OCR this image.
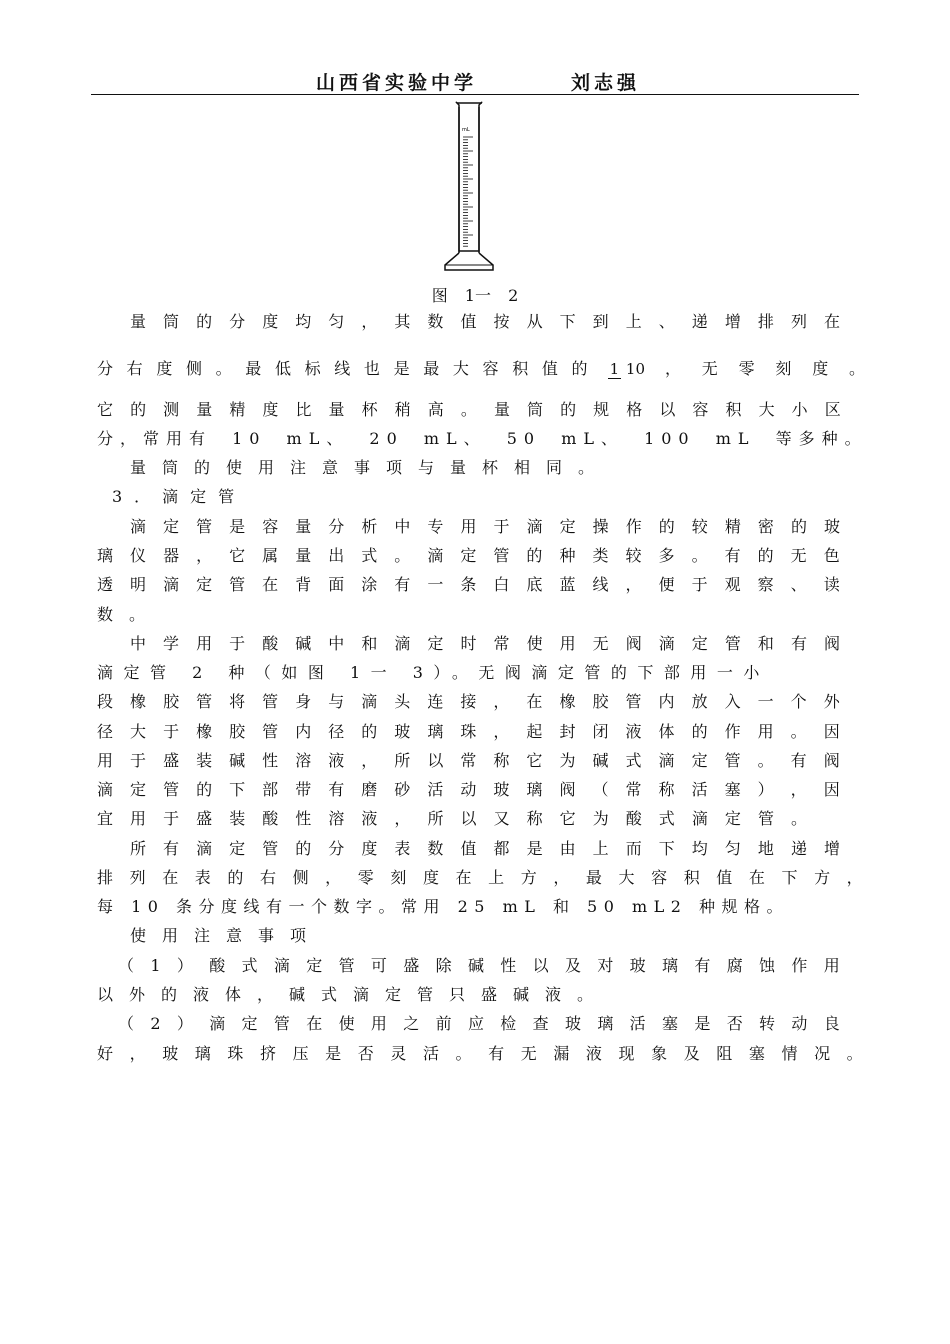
山西省实验中学	刘志强
mL
图 1一 2
量 筒 的 分 度 均 匀 ， 其 数 值 按 从 下 到 上 、 递 增 排 列 在
分 右 度 侧 。 最 低 标 线 也 是 最 大 容 积 值 的 1 10 ， 无 零 刻 度 。
它 的 测 量 精 度 比 量 杯 稍 高 。 量 筒 的 规 格 以 容 积 大 小 区
分，常用有 10 mL、 20 mL、 50 mL、 100 mL 等多种。
量筒的使用注意事项与量杯相同。
3．滴定管
滴 定 管 是 容 量 分 析 中 专 用 于 滴 定 操 作 的 较 精 密 的 玻
璃 仪 器 ， 它 属 量 出 式 。 滴 定 管 的 种 类 较 多 。 有 的 无 色
透 明 滴 定 管 在 背 面 涂 有 一 条 白 底 蓝 线 ， 便 于 观 察 、 读
数。
中 学 用 于 酸 碱 中 和 滴 定 时 常 使 用 无 阀 滴 定 管 和 有 阀
滴定管 2 种（如图 1一 3）。无阀滴定管的下部用一小
段 橡 胶 管 将 管 身 与 滴 头 连 接 ， 在 橡 胶 管 内 放 入 一 个 外
径 大 于 橡 胶 管 内 径 的 玻 璃 珠 ， 起 封 闭 液 体 的 作 用 。 因
用 于 盛 装 碱 性 溶 液 ， 所 以 常 称 它 为 碱 式 滴 定 管 。 有 阀
滴 定 管 的 下 部 带 有 磨 砂 活 动 玻 璃 阀 （ 常 称 活 塞 ） ， 因
宜 用 于 盛 装 酸 性 溶 液 ， 所 以 又 称 它 为 酸 式 滴 定 管 。
所 有 滴 定 管 的 分 度 表 数 值 都 是 由 上 而 下 均 匀 地 递 增
排 列 在 表 的 右 侧 ， 零 刻 度 在 上 方 ， 最 大 容 积 值 在 下 方 ，
每 10 条分度线有一个数字。常用 25 mL 和 50 mL2 种规格。
使用注意事项
（ 1 ） 酸 式 滴 定 管 可 盛 除 碱 性 以 及 对 玻 璃 有 腐 蚀 作 用
以外的液体，碱式滴定管只盛碱液。
（ 2 ） 滴 定 管 在 使 用 之 前 应 检 查 玻 璃 活 塞 是 否 转 动 良
好 ， 玻 璃 珠 挤 压 是 否 灵 活 。 有 无 漏 液 现 象 及 阻 塞 情 况 。
